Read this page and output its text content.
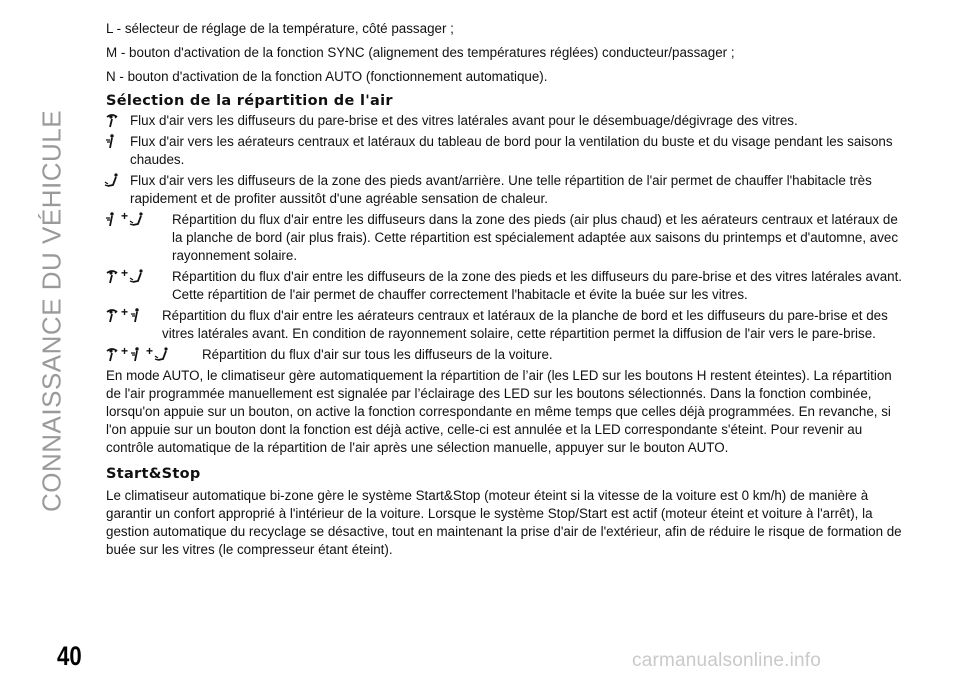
CONNAISSANCE DU VÉHICULE

L - sélecteur de réglage de la température, côté passager ;

M - bouton d'activation de la fonction SYNC (alignement des températures réglées) conducteur/passager ;

N - bouton d'activation de la fonction AUTO (fonctionnement automatique).

Sélection de la répartition de l'air

Flux d'air vers les diffuseurs du pare-brise et des vitres latérales avant pour le désembuage/dégivrage des vitres.

Flux d'air vers les aérateurs centraux et latéraux du tableau de bord pour la ventilation du buste et du visage pendant les saisons chaudes.

Flux d'air vers les diffuseurs de la zone des pieds avant/arrière. Une telle répartition de l'air permet de chauffer l'habitacle très rapidement et de profiter aussitôt d'une agréable sensation de chaleur.

+	Répartition du flux d'air entre les diffuseurs dans la zone des pieds (air plus chaud) et les aérateurs centraux et latéraux de la planche de bord (air plus frais). Cette répartition est spécialement adaptée aux saisons du printemps et d'automne, avec rayonnement solaire.

+	Répartition du flux d'air entre les diffuseurs de la zone des pieds et les diffuseurs du pare-brise et des vitres latérales avant. Cette répartition de l'air permet de chauffer correctement l'habitacle et évite la buée sur les vitres.

+	Répartition du flux d'air entre les aérateurs centraux et latéraux de la planche de bord et les diffuseurs du pare-brise et des vitres latérales avant. En condition de rayonnement solaire, cette répartition permet la diffusion de l'air vers le pare-brise.

+ +	Répartition du flux d'air sur tous les diffuseurs de la voiture.

En mode AUTO, le climatiseur gère automatiquement la répartition de l’air (les LED sur les boutons H restent éteintes). La répartition de l'air programmée manuellement est signalée par l’éclairage des LED sur les boutons sélectionnés. Dans la fonction combinée, lorsqu'on appuie sur un bouton, on active la fonction correspondante en même temps que celles déjà programmées. En revanche, si l'on appuie sur un bouton dont la fonction est déjà active, celle-ci est annulée et la LED correspondante s'éteint. Pour revenir au contrôle automatique de la répartition de l'air après une sélection manuelle, appuyer sur le bouton AUTO.

Start&Stop

Le climatiseur automatique bi-zone gère le système Start&Stop (moteur éteint si la vitesse de la voiture est 0 km/h) de manière à garantir un confort approprié à l'intérieur de la voiture. Lorsque le système Stop/Start est actif (moteur éteint et voiture à l'arrêt), la gestion automatique du recyclage se désactive, tout en maintenant la prise d'air de l'extérieur, afin de réduire le risque de formation de buée sur les vitres (le compresseur étant éteint).

40	carmanualsonline.info
